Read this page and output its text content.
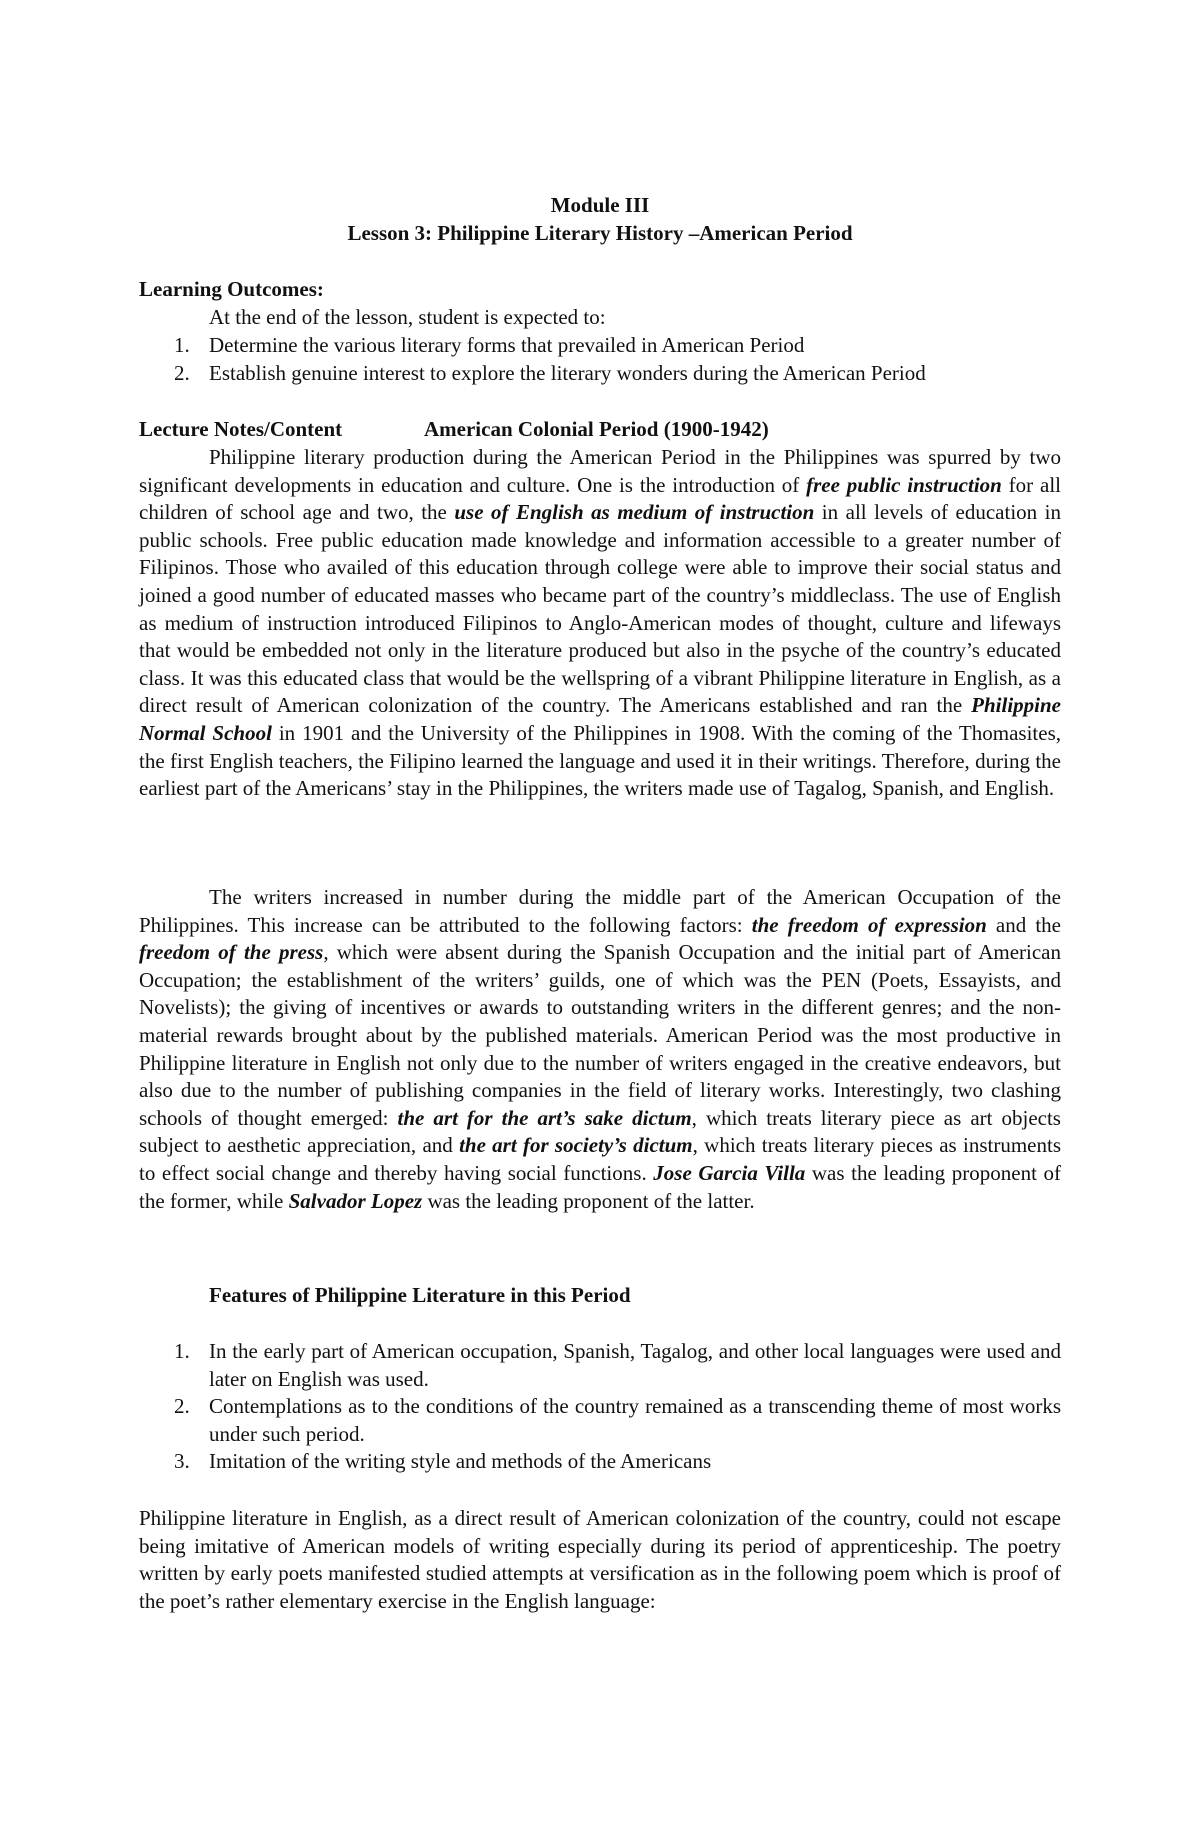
Module III
Lesson 3: Philippine Literary History –American Period
Learning Outcomes:
At the end of the lesson, student is expected to:
1. Determine the various literary forms that prevailed in American Period
2. Establish genuine interest to explore the literary wonders during the American Period
Lecture Notes/Content	American Colonial Period (1900-1942)
Philippine literary production during the American Period in the Philippines was spurred by two significant developments in education and culture. One is the introduction of free public instruction for all children of school age and two, the use of English as medium of instruction in all levels of education in public schools. Free public education made knowledge and information accessible to a greater number of Filipinos. Those who availed of this education through college were able to improve their social status and joined a good number of educated masses who became part of the country’s middleclass. The use of English as medium of instruction introduced Filipinos to Anglo-American modes of thought, culture and lifeways that would be embedded not only in the literature produced but also in the psyche of the country’s educated class. It was this educated class that would be the wellspring of a vibrant Philippine literature in English, as a direct result of American colonization of the country. The Americans established and ran the Philippine Normal School in 1901 and the University of the Philippines in 1908. With the coming of the Thomasites, the first English teachers, the Filipino learned the language and used it in their writings. Therefore, during the earliest part of the Americans’ stay in the Philippines, the writers made use of Tagalog, Spanish, and English.
The writers increased in number during the middle part of the American Occupation of the Philippines. This increase can be attributed to the following factors: the freedom of expression and the freedom of the press, which were absent during the Spanish Occupation and the initial part of American Occupation; the establishment of the writers’ guilds, one of which was the PEN (Poets, Essayists, and Novelists); the giving of incentives or awards to outstanding writers in the different genres; and the non-material rewards brought about by the published materials. American Period was the most productive in Philippine literature in English not only due to the number of writers engaged in the creative endeavors, but also due to the number of publishing companies in the field of literary works. Interestingly, two clashing schools of thought emerged: the art for the art’s sake dictum, which treats literary piece as art objects subject to aesthetic appreciation, and the art for society’s dictum, which treats literary pieces as instruments to effect social change and thereby having social functions. Jose Garcia Villa was the leading proponent of the former, while Salvador Lopez was the leading proponent of the latter.
Features of Philippine Literature in this Period
1. In the early part of American occupation, Spanish, Tagalog, and other local languages were used and later on English was used.
2. Contemplations as to the conditions of the country remained as a transcending theme of most works under such period.
3. Imitation of the writing style and methods of the Americans
Philippine literature in English, as a direct result of American colonization of the country, could not escape being imitative of American models of writing especially during its period of apprenticeship. The poetry written by early poets manifested studied attempts at versification as in the following poem which is proof of the poet’s rather elementary exercise in the English language:
